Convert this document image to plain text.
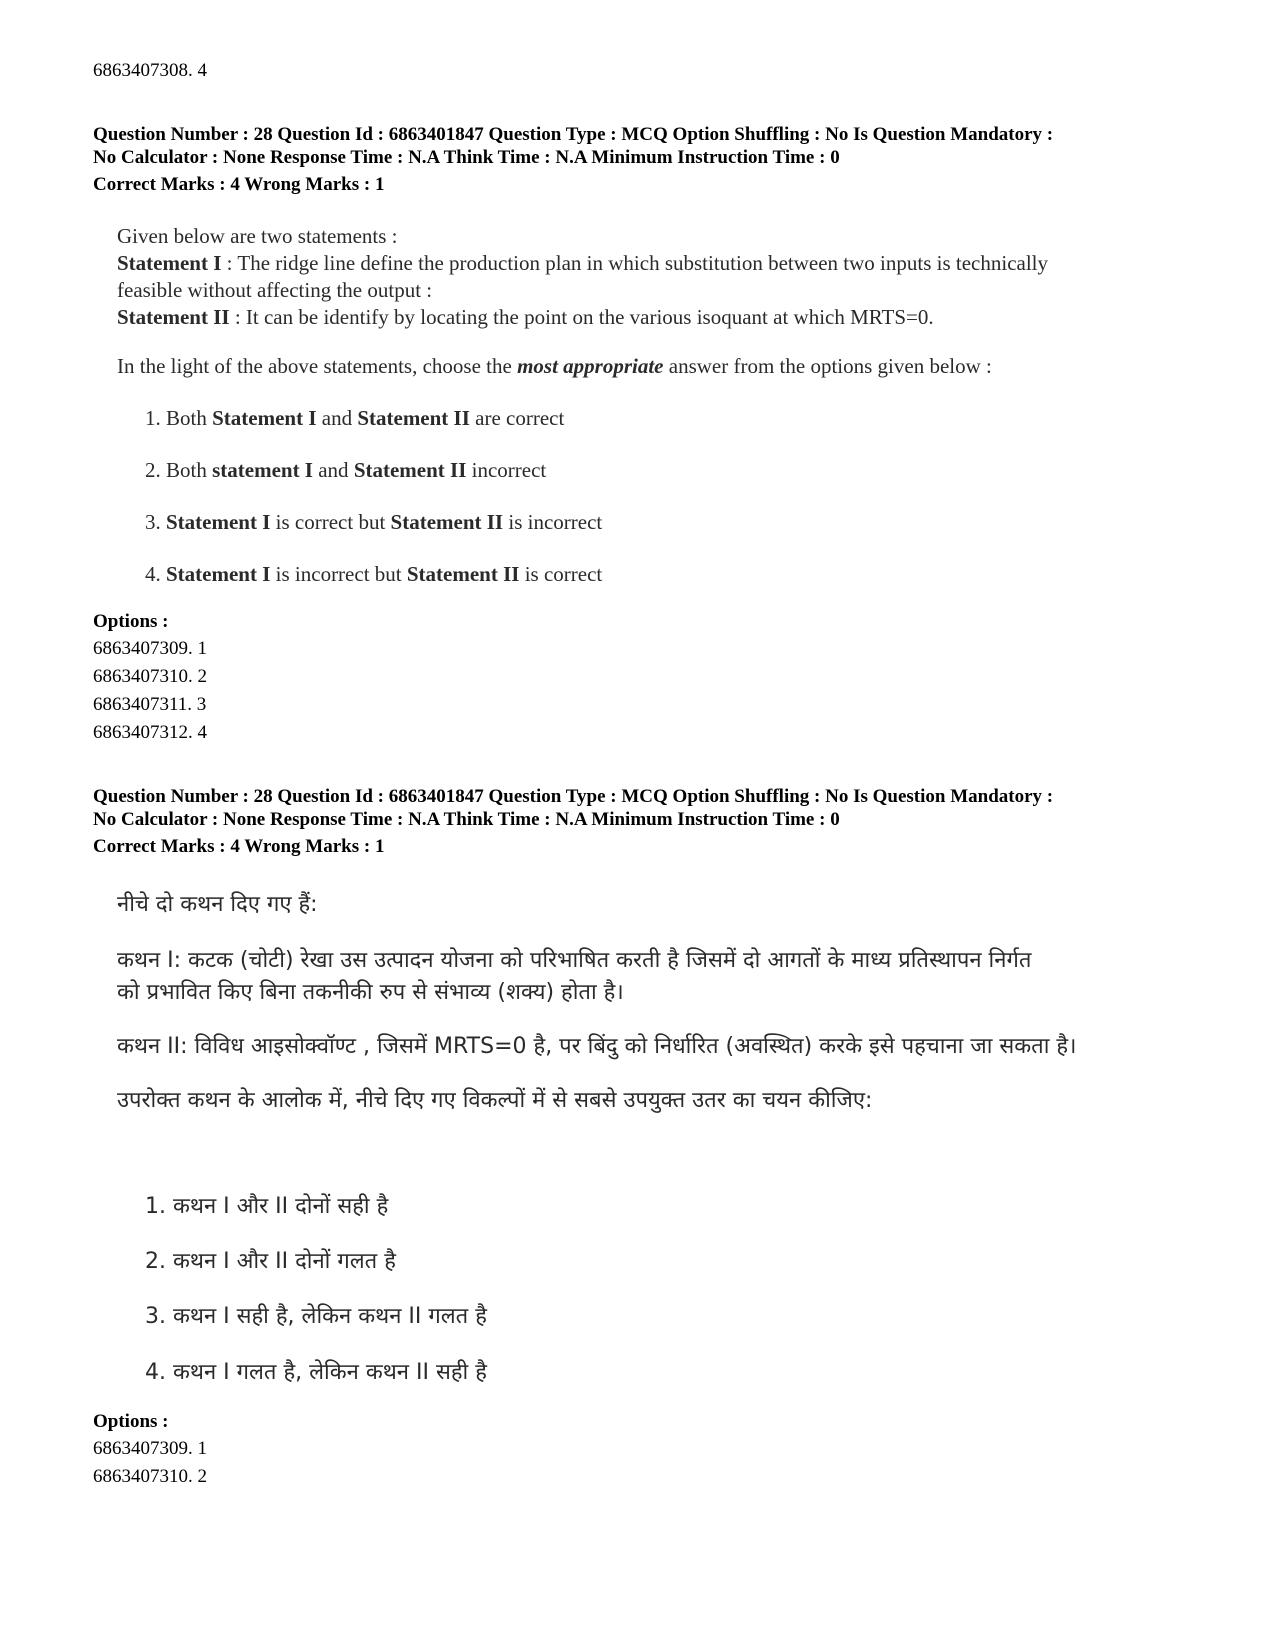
6863407308. 4
Question Number : 28 Question Id : 6863401847 Question Type : MCQ Option Shuffling : No Is Question Mandatory :
No Calculator : None Response Time : N.A Think Time : N.A Minimum Instruction Time : 0
Correct Marks : 4 Wrong Marks : 1
Given below are two statements :
Statement I : The ridge line define the production plan in which substitution between two inputs is technically
feasible without affecting the output :
Statement II : It can be identify by locating the point on the various isoquant at which MRTS=0.
In the light of the above statements, choose the most appropriate answer from the options given below :
1. Both Statement I and Statement II are correct
2. Both statement I and Statement II incorrect
3. Statement I is correct but Statement II is incorrect
4. Statement I is incorrect but Statement II is correct
Options :
6863407309. 1
6863407310. 2
6863407311. 3
6863407312. 4
Question Number : 28 Question Id : 6863401847 Question Type : MCQ Option Shuffling : No Is Question Mandatory :
No Calculator : None Response Time : N.A Think Time : N.A Minimum Instruction Time : 0
Correct Marks : 4 Wrong Marks : 1
नीचे दो कथन दिए गए हैं:
कथन I: कटक (चोटी) रेखा उस उत्पादन योजना को परिभाषित करती है जिसमें दो आगतों के माध्य प्रतिस्थापन निर्गत
को प्रभावित किए बिना तकनीकी रुप से संभाव्य (शक्य) होता है।
कथन II: विविध आइसोक्वॉण्ट , जिसमें MRTS=0 है, पर बिंदु को निर्धारित (अवस्थित) करके इसे पहचाना जा सकता है।
उपरोक्त कथन के आलोक में, नीचे दिए गए विकल्पों में से सबसे उपयुक्त उतर का चयन कीजिए:
1. कथन I और II दोनों सही है
2. कथन I और II दोनों गलत है
3. कथन I सही है, लेकिन कथन II गलत है
4. कथन I गलत है, लेकिन कथन II सही है
Options :
6863407309. 1
6863407310. 2
